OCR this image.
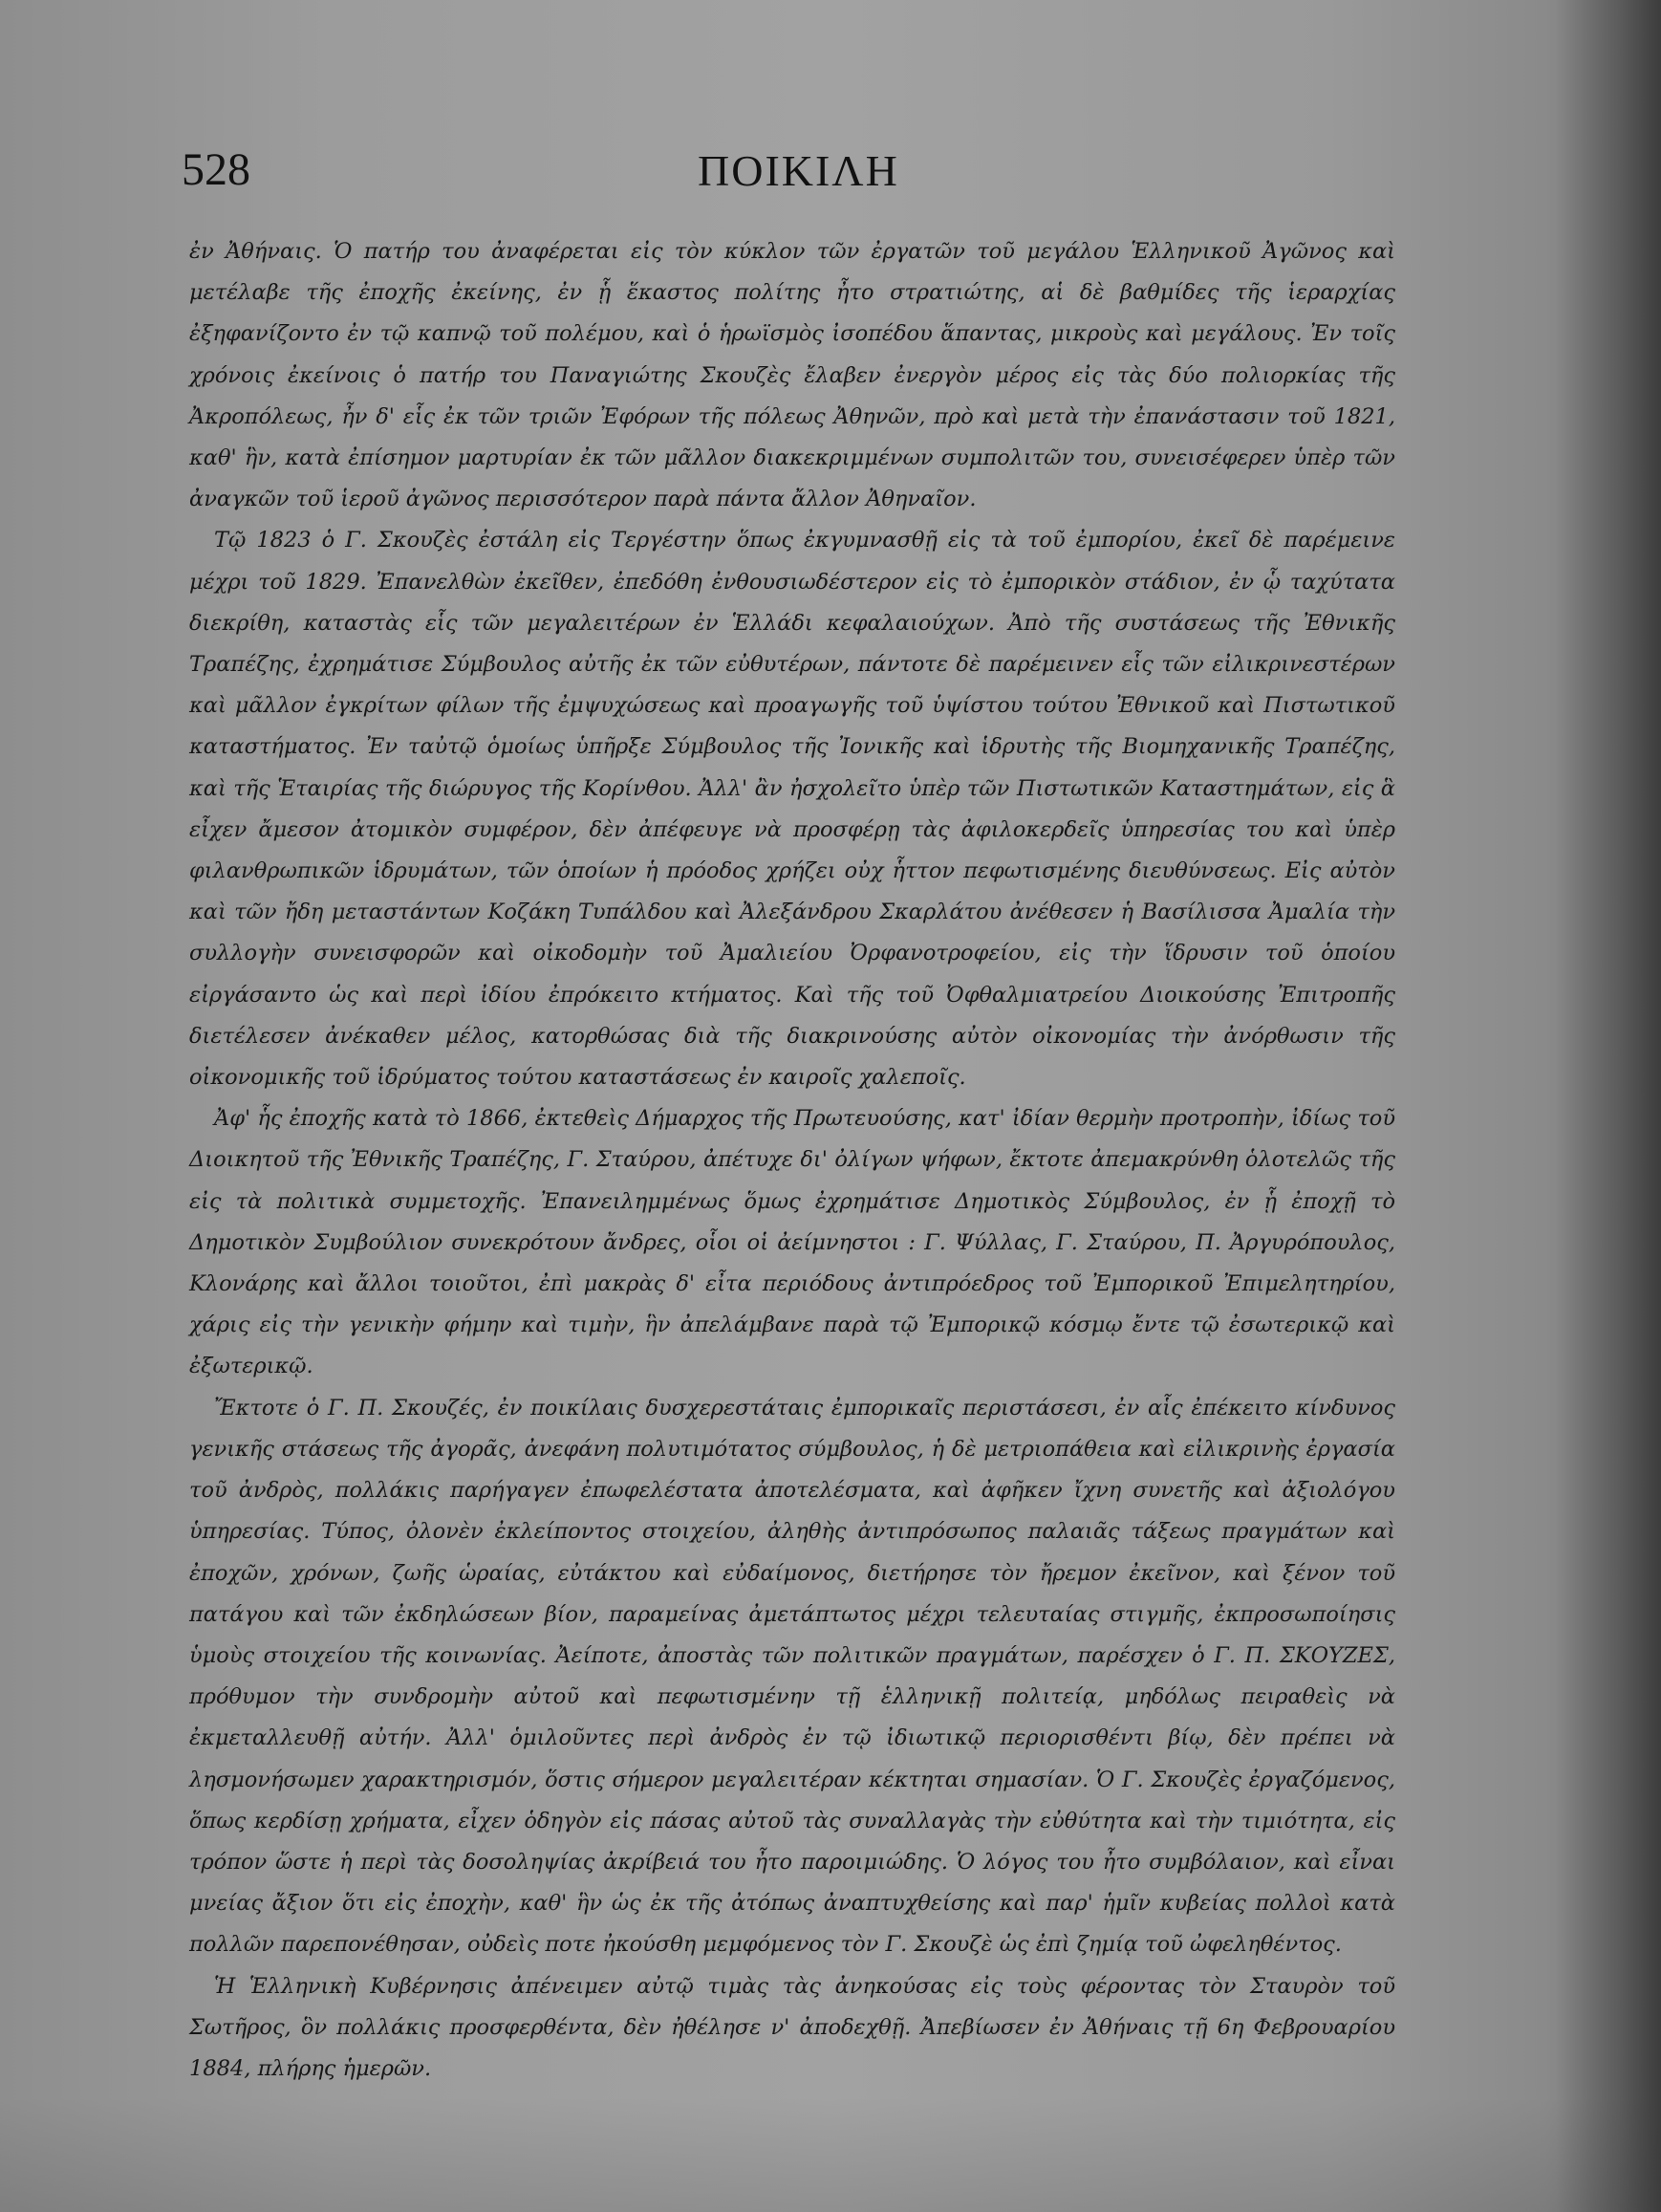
528	ΠΟΙΚΙΛΗ

ἐν Ἀθήναις. Ὁ πατήρ του ἀναφέρεται εἰς τὸν κύκλον τῶν ἐργατῶν τοῦ μεγάλου Ἑλληνικοῦ Ἀγῶνος καὶ μετέλαβε τῆς ἐποχῆς ἐκείνης, ἐν ᾗ ἕκαστος πολίτης ἦτο στρατιώτης, αἱ δὲ βαθμίδες τῆς ἱεραρχίας ἐξηφανίζοντο ἐν τῷ καπνῷ τοῦ πολέμου, καὶ ὁ ἡρωϊσμὸς ἰσοπέδου ἅπαντας, μικροὺς καὶ μεγάλους. Ἐν τοῖς χρόνοις ἐκείνοις ὁ πατήρ του Παναγιώτης Σκουζὲς ἔλαβεν ἐνεργὸν μέρος εἰς τὰς δύο πολιορκίας τῆς Ἀκροπόλεως, ἦν δ' εἷς ἐκ τῶν τριῶν Ἐφόρων τῆς πόλεως Ἀθηνῶν, πρὸ καὶ μετὰ τὴν ἐπανάστασιν τοῦ 1821, καθ' ἣν, κατὰ ἐπίσημον μαρτυρίαν ἐκ τῶν μᾶλλον διακεκριμμένων συμπολιτῶν του, συνεισέφερεν ὑπὲρ τῶν ἀναγκῶν τοῦ ἱεροῦ ἀγῶνος περισσότερον παρὰ πάντα ἄλλον Ἀθηναῖον.

Τῷ 1823 ὁ Γ. Σκουζὲς ἐστάλη εἰς Τεργέστην ὅπως ἐκγυμνασθῇ εἰς τὰ τοῦ ἐμπορίου, ἐκεῖ δὲ παρέμεινε μέχρι τοῦ 1829. Ἐπανελθὼν ἐκεῖθεν, ἐπεδόθη ἐνθουσιωδέστερον εἰς τὸ ἐμπορικὸν στάδιον, ἐν ᾧ ταχύτατα διεκρίθη, καταστὰς εἷς τῶν μεγαλειτέρων ἐν Ἑλλάδι κεφαλαιούχων. Ἀπὸ τῆς συστάσεως τῆς Ἐθνικῆς Τραπέζης, ἐχρημάτισε Σύμβουλος αὐτῆς ἐκ τῶν εὐθυτέρων, πάντοτε δὲ παρέμεινεν εἷς τῶν εἰλικρινεστέρων καὶ μᾶλλον ἐγκρίτων φίλων τῆς ἐμψυχώσεως καὶ προαγωγῆς τοῦ ὑψίστου τούτου Ἐθνικοῦ καὶ Πιστωτικοῦ καταστήματος. Ἐν ταὐτῷ ὁμοίως ὑπῆρξε Σύμβουλος τῆς Ἰονικῆς καὶ ἱδρυτὴς τῆς Βιομηχανικῆς Τραπέζης, καὶ τῆς Ἑταιρίας τῆς διώρυγος τῆς Κορίνθου. Ἀλλ' ἂν ἠσχολεῖτο ὑπὲρ τῶν Πιστωτικῶν Καταστημάτων, εἰς ἃ εἶχεν ἄμεσον ἀτομικὸν συμφέρον, δὲν ἀπέφευγε νὰ προσφέρῃ τὰς ἀφιλοκερδεῖς ὑπηρεσίας του καὶ ὑπὲρ φιλανθρωπικῶν ἱδρυμάτων, τῶν ὁποίων ἡ πρόοδος χρήζει οὐχ ἧττον πεφωτισμένης διευθύνσεως. Εἰς αὐτὸν καὶ τῶν ἤδη μεταστάντων Κοζάκη Τυπάλδου καὶ Ἀλεξάνδρου Σκαρλάτου ἀνέθεσεν ἡ Βασίλισσα Ἀμαλία τὴν συλλογὴν συνεισφορῶν καὶ οἰκοδομὴν τοῦ Ἀμαλιείου Ὀρφανοτροφείου, εἰς τὴν ἵδρυσιν τοῦ ὁποίου εἰργάσαντο ὡς καὶ περὶ ἰδίου ἐπρόκειτο κτήματος. Καὶ τῆς τοῦ Ὀφθαλμιατρείου Διοικούσης Ἐπιτροπῆς διετέλεσεν ἀνέκαθεν μέλος, κατορθώσας διὰ τῆς διακρινούσης αὐτὸν οἰκονομίας τὴν ἀνόρθωσιν τῆς οἰκονομικῆς τοῦ ἱδρύματος τούτου καταστάσεως ἐν καιροῖς χαλεποῖς.

Ἀφ' ἧς ἐποχῆς κατὰ τὸ 1866, ἐκτεθεὶς Δήμαρχος τῆς Πρωτευούσης, κατ' ἰδίαν θερμὴν προτροπὴν, ἰδίως τοῦ Διοικητοῦ τῆς Ἐθνικῆς Τραπέζης, Γ. Σταύρου, ἀπέτυχε δι' ὀλίγων ψήφων, ἔκτοτε ἀπεμακρύνθη ὁλοτελῶς τῆς εἰς τὰ πολιτικὰ συμμετοχῆς. Ἐπανειλημμένως ὅμως ἐχρημάτισε Δημοτικὸς Σύμβουλος, ἐν ᾗ ἐποχῇ τὸ Δημοτικὸν Συμβούλιον συνεκρότουν ἄνδρες, οἷοι οἱ ἀείμνηστοι : Γ. Ψύλλας, Γ. Σταύρου, Π. Ἀργυρόπουλος, Κλονάρης καὶ ἄλλοι τοιοῦτοι, ἐπὶ μακρὰς δ' εἶτα περιόδους ἀντιπρόεδρος τοῦ Ἐμπορικοῦ Ἐπιμελητηρίου, χάρις εἰς τὴν γενικὴν φήμην καὶ τιμὴν, ἣν ἀπελάμβανε παρὰ τῷ Ἐμπορικῷ κόσμῳ ἔντε τῷ ἐσωτερικῷ καὶ ἐξωτερικῷ.

Ἔκτοτε ὁ Γ. Π. Σκουζές, ἐν ποικίλαις δυσχερεστάταις ἐμπορικαῖς περιστάσεσι, ἐν αἷς ἐπέκειτο κίνδυνος γενικῆς στάσεως τῆς ἀγορᾶς, ἀνεφάνη πολυτιμότατος σύμβουλος, ἡ δὲ μετριοπάθεια καὶ εἰλικρινὴς ἐργασία τοῦ ἀνδρὸς, πολλάκις παρήγαγεν ἐπωφελέστατα ἀποτελέσματα, καὶ ἀφῆκεν ἴχνη συνετῆς καὶ ἀξιολόγου ὑπηρεσίας. Τύπος, ὀλονὲν ἐκλείποντος στοιχείου, ἀληθὴς ἀντιπρόσωπος παλαιᾶς τάξεως πραγμάτων καὶ ἐποχῶν, χρόνων, ζωῆς ὡραίας, εὐτάκτου καὶ εὐδαίμονος, διετήρησε τὸν ἤρεμον ἐκεῖνον, καὶ ξένον τοῦ πατάγου καὶ τῶν ἐκδηλώσεων βίον, παραμείνας ἀμετάπτωτος μέχρι τελευταίας στιγμῆς, ἐκπροσωποίησις ὑμοὺς στοιχείου τῆς κοινωνίας. Ἀείποτε, ἀποστὰς τῶν πολιτικῶν πραγμάτων, παρέσχεν ὁ Γ. Π. ΣΚΟΥΖΕΣ, πρόθυμον τὴν συνδρομὴν αὐτοῦ καὶ πεφωτισμένην τῇ ἑλληνικῇ πολιτείᾳ, μηδόλως πειραθεὶς νὰ ἐκμεταλλευθῇ αὐτήν. Ἀλλ' ὁμιλοῦντες περὶ ἀνδρὸς ἐν τῷ ἰδιωτικῷ περιορισθέντι βίῳ, δὲν πρέπει νὰ λησμονήσωμεν χαρακτηρισμόν, ὅστις σήμερον μεγαλειτέραν κέκτηται σημασίαν. Ὁ Γ. Σκουζὲς ἐργαζόμενος, ὅπως κερδίσῃ χρήματα, εἶχεν ὁδηγὸν εἰς πάσας αὐτοῦ τὰς συναλλαγὰς τὴν εὐθύτητα καὶ τὴν τιμιότητα, εἰς τρόπον ὥστε ἡ περὶ τὰς δοσοληψίας ἀκρίβειά του ἦτο παροιμιώδης. Ὁ λόγος του ἦτο συμβόλαιον, καὶ εἶναι μνείας ἄξιον ὅτι εἰς ἐποχὴν, καθ' ἣν ὡς ἐκ τῆς ἀτόπως ἀναπτυχθείσης καὶ παρ' ἡμῖν κυβείας πολλοὶ κατὰ πολλῶν παρεπονέθησαν, οὐδεὶς ποτε ἠκούσθη μεμφόμενος τὸν Γ. Σκουζὲ ὡς ἐπὶ ζημίᾳ τοῦ ὠφεληθέντος.

Ἡ Ἑλληνικὴ Κυβέρνησις ἀπένειμεν αὐτῷ τιμὰς τὰς ἀνηκούσας εἰς τοὺς φέροντας τὸν Σταυρὸν τοῦ Σωτῆρος, ὃν πολλάκις προσφερθέντα, δὲν ἠθέλησε ν' ἀποδεχθῇ. Ἀπεβίωσεν ἐν Ἀθήναις τῇ 6η Φεβρουαρίου 1884, πλήρης ἡμερῶν.
